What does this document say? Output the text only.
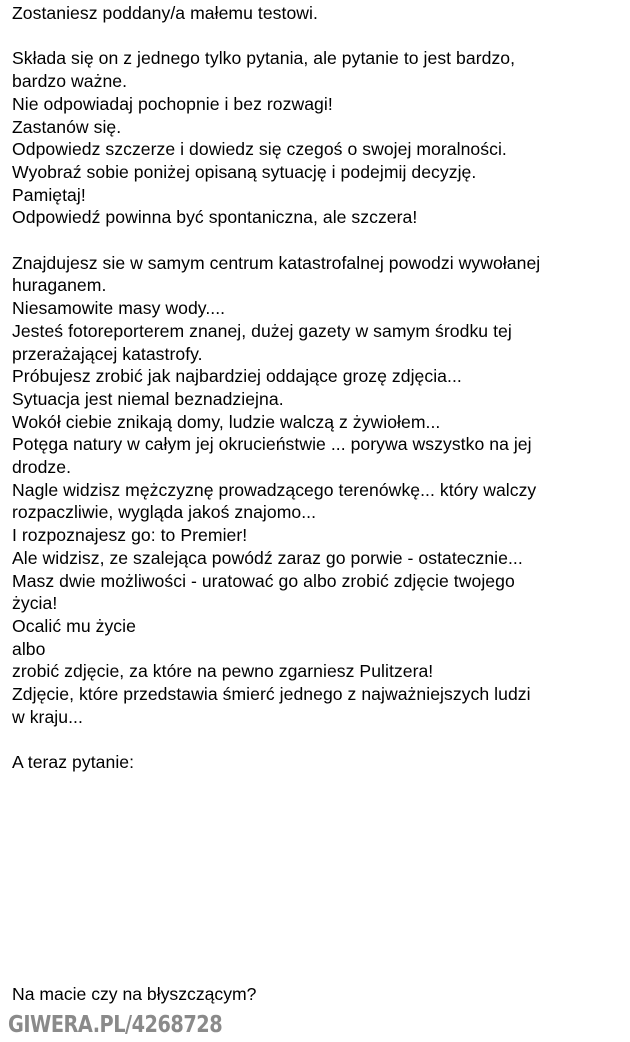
Zostaniesz poddany/a małemu testowi.
Składa się on z jednego tylko pytania, ale pytanie to jest bardzo,
bardzo ważne.
Nie odpowiadaj pochopnie i bez rozwagi!
Zastanów się.
Odpowiedz szczerze i dowiedz się czegoś o swojej moralności.
Wyobraź sobie poniżej opisaną sytuację i podejmij decyzję.
Pamiętaj!
Odpowiedź powinna być spontaniczna, ale szczera!
Znajdujesz sie w samym centrum katastrofalnej powodzi wywołanej
huraganem.
Niesamowite masy wody....
Jesteś fotoreporterem znanej, dużej gazety w samym środku tej
przerażającej katastrofy.
Próbujesz zrobić jak najbardziej oddające grozę zdjęcia...
Sytuacja jest niemal beznadziejna.
Wokół ciebie znikają domy, ludzie walczą z żywiołem...
Potęga natury w całym jej okrucieństwie ... porywa wszystko na jej
drodze.
Nagle widzisz mężczyznę prowadzącego terenówkę... który walczy
rozpaczliwie, wygląda jakoś znajomo...
I rozpoznajesz go: to Premier!
Ale widzisz, ze szalejąca powódź zaraz go porwie - ostatecznie...
Masz dwie możliwości - uratować go albo zrobić zdjęcie twojego
życia!
Ocalić mu życie
albo
zrobić zdjęcie, za które na pewno zgarniesz Pulitzera!
Zdjęcie, które przedstawia śmierć jednego z najważniejszych ludzi
w kraju...
A teraz pytanie:
Na macie czy na błyszczącym?
GIWERA.PL/4268728
